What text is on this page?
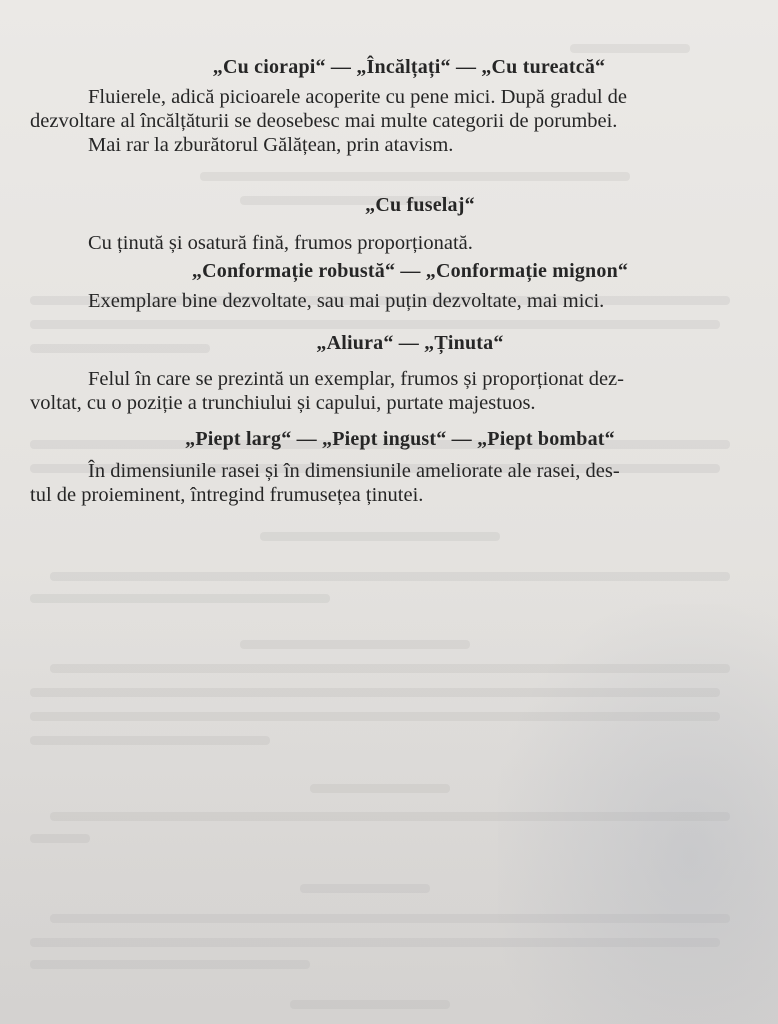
„Cu ciorapi“ — „Încălțați“ — „Cu tureatcă“

Fluierele, adică picioarele acoperite cu pene mici. După gradul de
dezvoltare al încălțăturii se deosebesc mai multe categorii de porumbei.
Mai rar la zburătorul Gălățean, prin atavism.

„Cu fuselaj“

Cu ținută și osatură fină, frumos proporționată.

„Conformație robustă“ — „Conformație mignon“

Exemplare bine dezvoltate, sau mai puțin dezvoltate, mai mici.

„Aliura“ — „Ținuta“

Felul în care se prezintă un exemplar, frumos și proporționat dez-
voltat, cu o poziție a trunchiului și capului, purtate majestuos.

„Piept larg“ — „Piept ingust“ — „Piept bombat“

În dimensiunile rasei și în dimensiunile ameliorate ale rasei, des-
tul de proieminent, întregind frumusețea ținutei.
